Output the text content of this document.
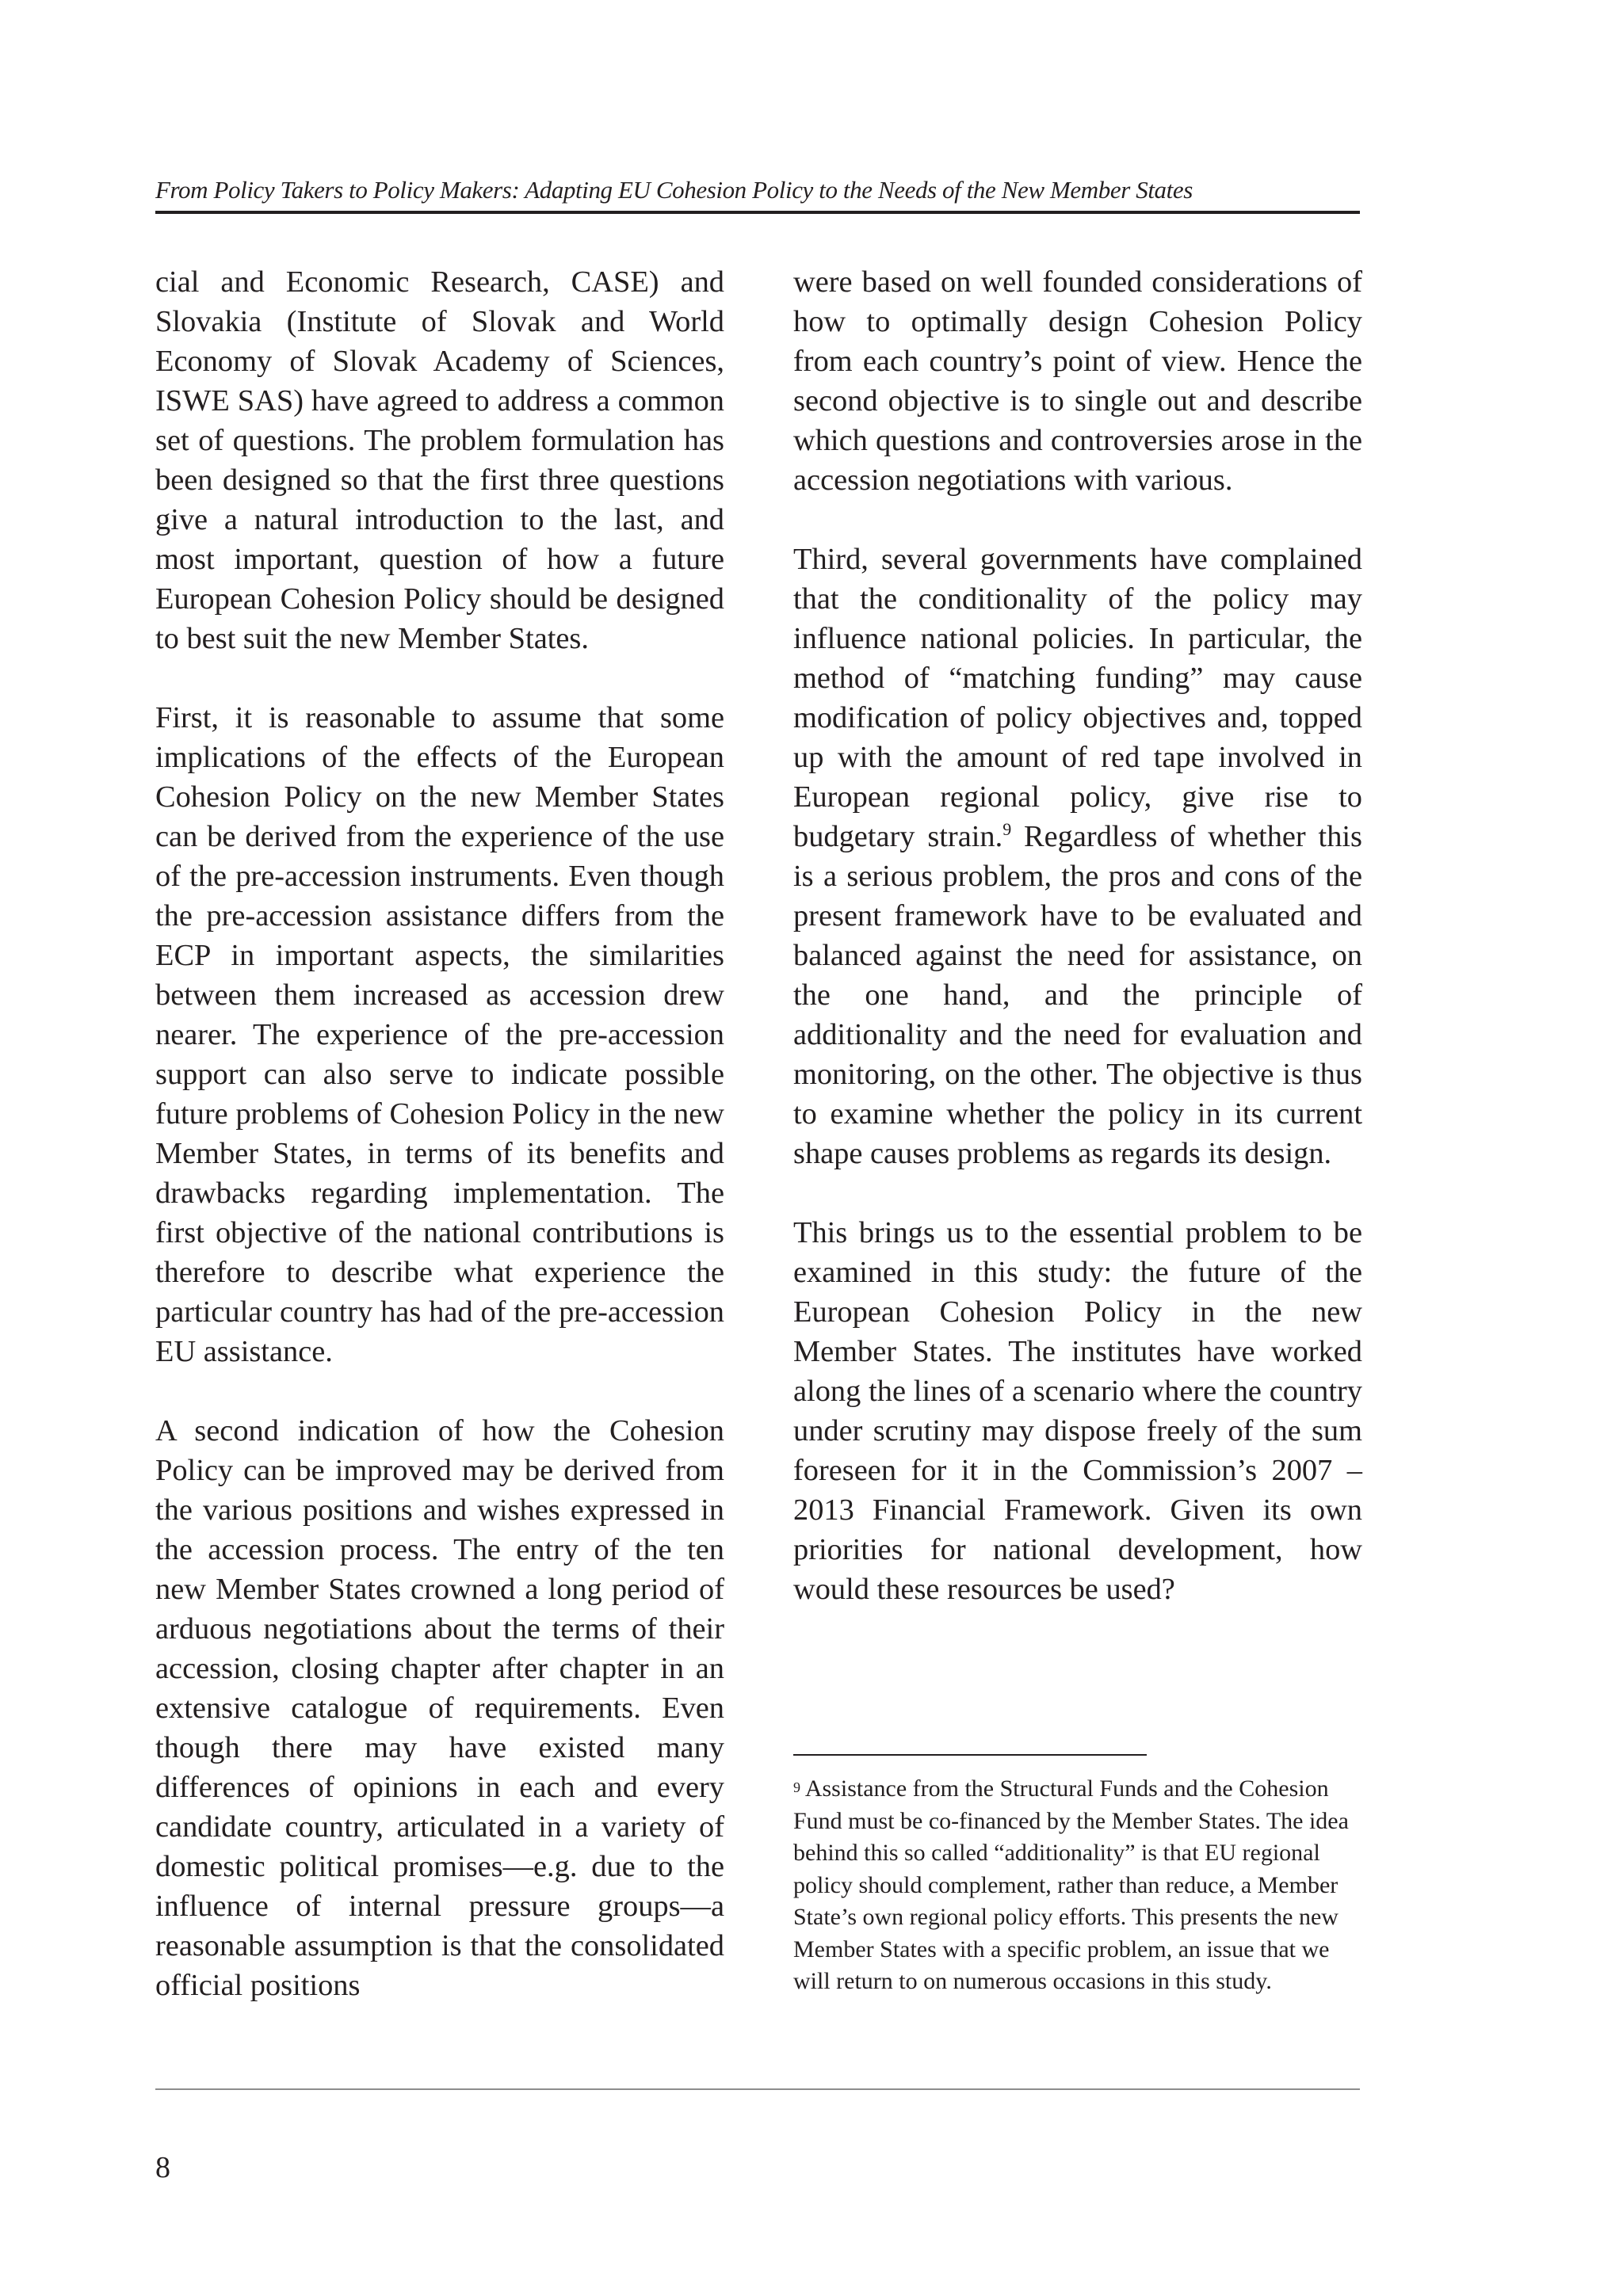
From Policy Takers to Policy Makers: Adapting EU Cohesion Policy to the Needs of the New Member States

cial and Economic Research, CASE) and Slovakia (Institute of Slovak and World Economy of Slovak Academy of Sciences, ISWE SAS) have agreed to address a common set of questions. The problem formulation has been designed so that the first three questions give a natural introduction to the last, and most important, question of how a future European Cohesion Policy should be designed to best suit the new Member States.

First, it is reasonable to assume that some implications of the effects of the European Cohesion Policy on the new Member States can be derived from the experience of the use of the pre-accession instruments. Even though the pre-accession assistance differs from the ECP in important aspects, the similarities between them increased as accession drew nearer. The experience of the pre-accession support can also serve to indicate possible future problems of Cohesion Policy in the new Member States, in terms of its benefits and drawbacks regarding implementation. The first objective of the national contributions is therefore to describe what experience the particular country has had of the pre-accession EU assistance.

A second indication of how the Cohesion Policy can be improved may be derived from the various positions and wishes expressed in the accession process. The entry of the ten new Member States crowned a long period of arduous negotiations about the terms of their accession, closing chapter after chapter in an extensive catalogue of requirements. Even though there may have existed many differences of opinions in each and every candidate country, articulated in a variety of domestic political promises—e.g. due to the influence of internal pressure groups—a reasonable assumption is that the consolidated official positions

were based on well founded considerations of how to optimally design Cohesion Policy from each country’s point of view. Hence the second objective is to single out and describe which questions and controversies arose in the accession negotiations with various.

Third, several governments have complained that the conditionality of the policy may influence national policies. In particular, the method of “matching funding” may cause modification of policy objectives and, topped up with the amount of red tape involved in European regional policy, give rise to budgetary strain.$^9$ Regardless of whether this is a serious problem, the pros and cons of the present framework have to be evaluated and balanced against the need for assistance, on the one hand, and the principle of additionality and the need for evaluation and monitoring, on the other. The objective is thus to examine whether the policy in its current shape causes problems as regards its design.

This brings us to the essential problem to be examined in this study: the future of the European Cohesion Policy in the new Member States. The institutes have worked along the lines of a scenario where the country under scrutiny may dispose freely of the sum foreseen for it in the Commission’s 2007 – 2013 Financial Framework. Given its own priorities for national development, how would these resources be used?

$^9$ Assistance from the Structural Funds and the Cohesion Fund must be co-financed by the Member States. The idea behind this so called “additionality” is that EU regional policy should complement, rather than reduce, a Member State’s own regional policy efforts. This presents the new Member States with a specific problem, an issue that we will return to on numerous occasions in this study.
8
